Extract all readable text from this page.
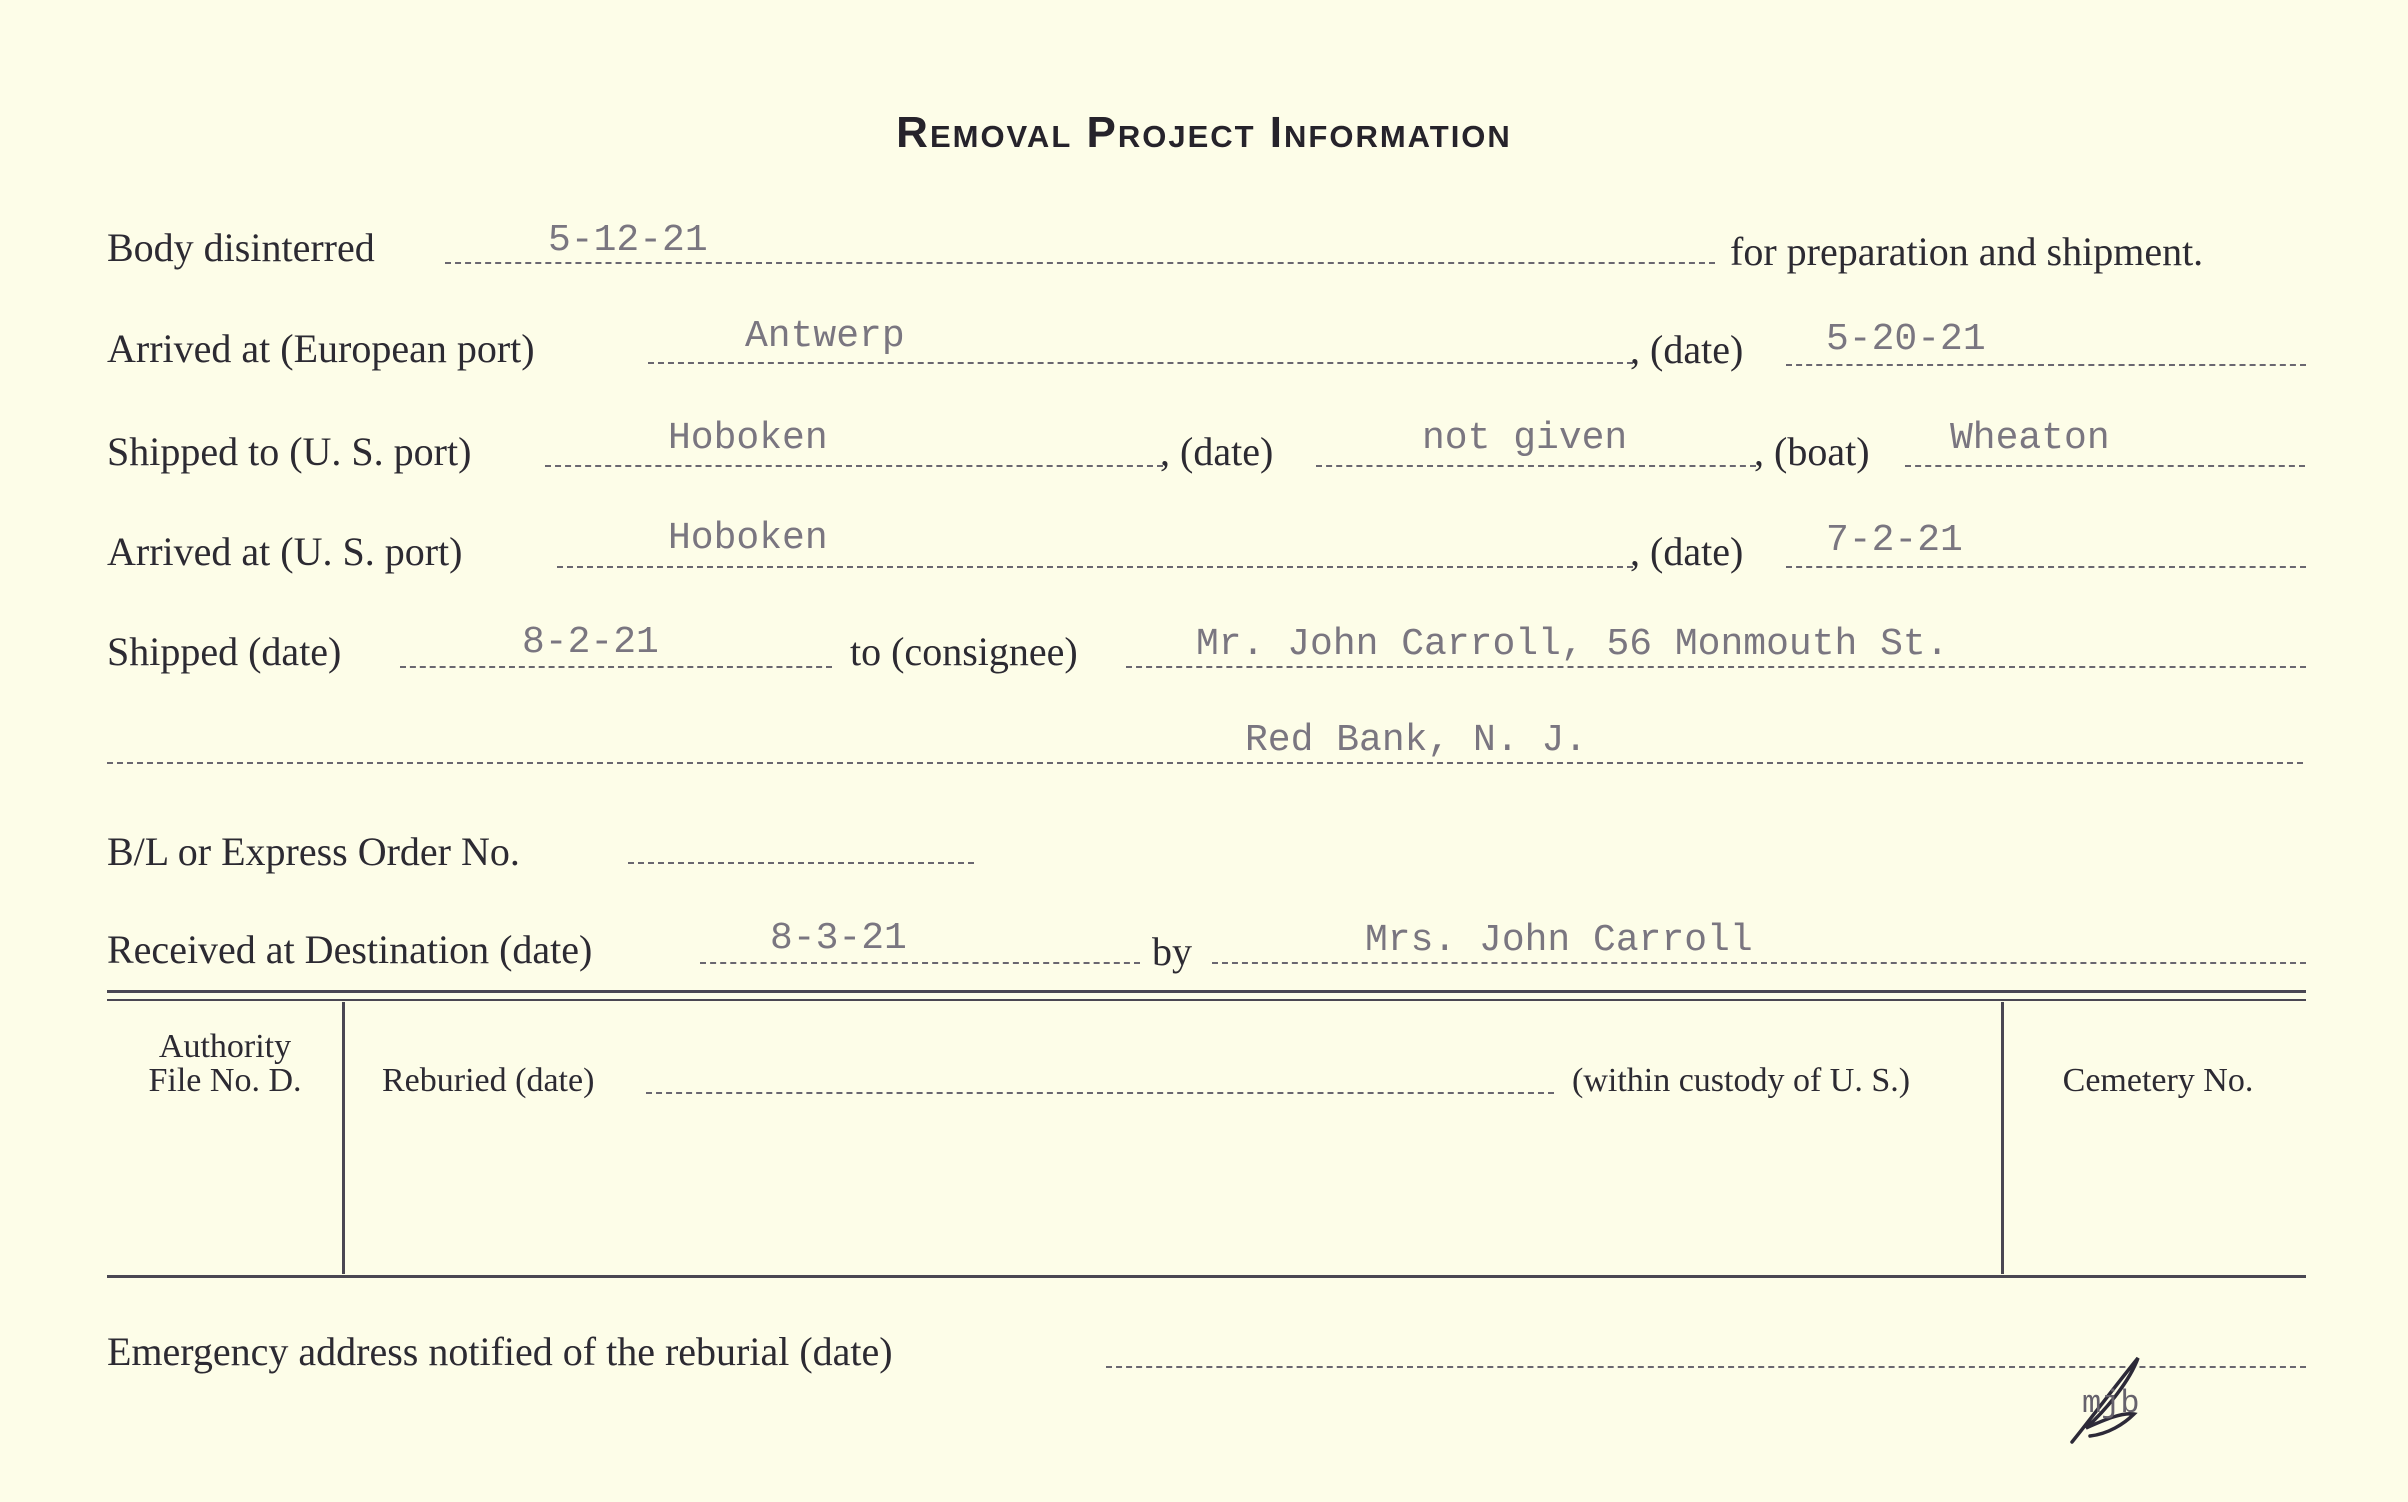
Removal Project Information
Body disinterred	5-12-21	for preparation and shipment.
Arrived at (European port)	Antwerp	, (date) 5-20-21
Shipped to (U. S. port)	Hoboken	, (date)	not given	, (boat) Wheaton
Arrived at (U. S. port)	Hoboken	, (date) 7-2-21
Shipped (date)	8-2-21	to (consignee)	Mr. John Carroll, 56 Monmouth St.
Red Bank, N. J.
B/L or Express Order No.
Received at Destination (date)	8-3-21	by	Mrs. John Carroll
Authority
File No. D.	Reburied (date)	(within custody of U. S.)	Cemetery No.
Emergency address notified of the reburial (date)
mjb
